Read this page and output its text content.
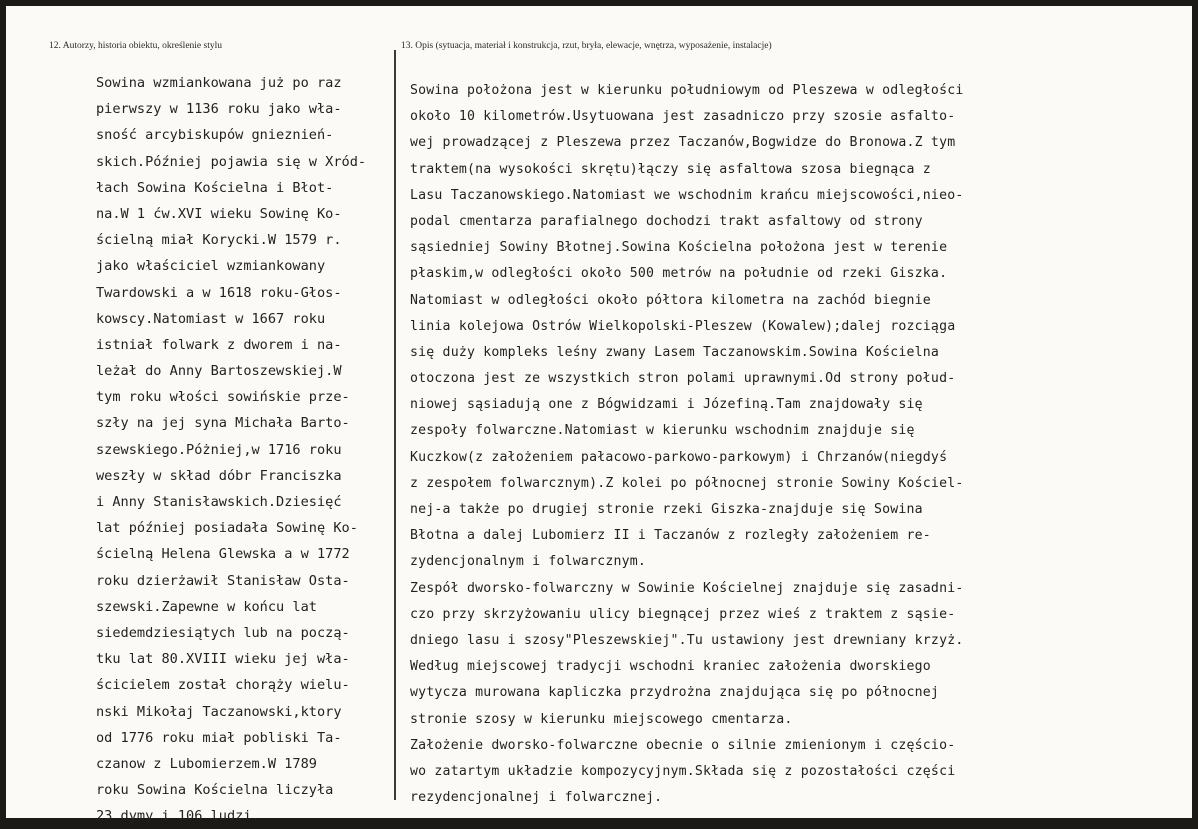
12. Autorzy, historia obiektu, określenie stylu	13. Opis (sytuacja, materiał i konstrukcja, rzut, bryła, elewacje, wnętrza, wyposażenie, instalacje)
Sowina wzmiankowana już po raz
pierwszy w 1136 roku jako wła-
sność arcybiskupów gnieznień-
skich.Później pojawia się w Xród-
łach Sowina Kościelna i Błot-
na.W 1 ćw.XVI wieku Sowinę Ko-
ścielną miał Korycki.W 1579 r.
jako właściciel wzmiankowany
Twardowski a w 1618 roku-Głos-
kowscy.Natomiast w 1667 roku
istniał folwark z dworem i na-
leżał do Anny Bartoszewskiej.W
tym roku włości sowińskie prze-
szły na jej syna Michała Barto-
szewskiego.Póżniej,w 1716 roku
weszły w skład dóbr Franciszka
i Anny Stanisławskich.Dziesięć
lat później posiadała Sowinę Ko-
ścielną Helena Glewska a w 1772
roku dzierżawił Stanisław Osta-
szewski.Zapewne w końcu lat
siedemdziesiątych lub na począ-
tku lat 80.XVIII wieku jej wła-
ścicielem został chorąży wielu-
nski Mikołaj Taczanowski,ktory
od 1776 roku miał pobliski Ta-
czanow z Lubomierzem.W 1789
roku Sowina Kościelna liczyła
23 dymy i 106 ludzi.
Sowina położona jest w kierunku południowym od Pleszewa w odległości
około 10 kilometrów.Usytuowana jest zasadniczo przy szosie asfalto-
wej prowadzącej z Pleszewa przez Taczanów,Bogwidze do Bronowa.Z tym
traktem(na wysokości skrętu)łączy się asfaltowa szosa biegnąca z
Lasu Taczanowskiego.Natomiast we wschodnim krańcu miejscowości,nieo-
podal cmentarza parafialnego dochodzi trakt asfaltowy od strony
sąsiedniej Sowiny Błotnej.Sowina Kościelna położona jest w terenie
płaskim,w odległości około 500 metrów na południe od rzeki Giszka.
Natomiast w odległości około półtora kilometra na zachód biegnie
linia kolejowa Ostrów Wielkopolski-Pleszew (Kowalew);dalej rozciąga
się duży kompleks leśny zwany Lasem Taczanowskim.Sowina Kościelna
otoczona jest ze wszystkich stron polami uprawnymi.Od strony połud-
niowej sąsiadują one z Bógwidzami i Józefiną.Tam znajdowały się
zespoły folwarczne.Natomiast w kierunku wschodnim znajduje się
Kuczkow(z założeniem pałacowo-parkowo-parkowym) i Chrzanów(niegdyś
z zespołem folwarcznym).Z kolei po północnej stronie Sowiny Kościel-
nej-a także po drugiej stronie rzeki Giszka-znajduje się Sowina
Błotna a dalej Lubomierz II i Taczanów z rozległy założeniem re-
zydencjonalnym i folwarcznym.
Zespół dworsko-folwarczny w Sowinie Kościelnej znajduje się zasadni-
czo przy skrzyżowaniu ulicy biegnącej przez wieś z traktem z sąsie-
dniego lasu i szosy"Pleszewskiej".Tu ustawiony jest drewniany krzyż.
Według miejscowej tradycji wschodni kraniec założenia dworskiego
wytycza murowana kapliczka przydrożna znajdująca się po północnej
stronie szosy w kierunku miejscowego cmentarza.
Założenie dworsko-folwarczne obecnie o silnie zmienionym i częścio-
wo zatartym układzie kompozycyjnym.Składa się z pozostałości części
rezydencjonalnej i folwarcznej.
